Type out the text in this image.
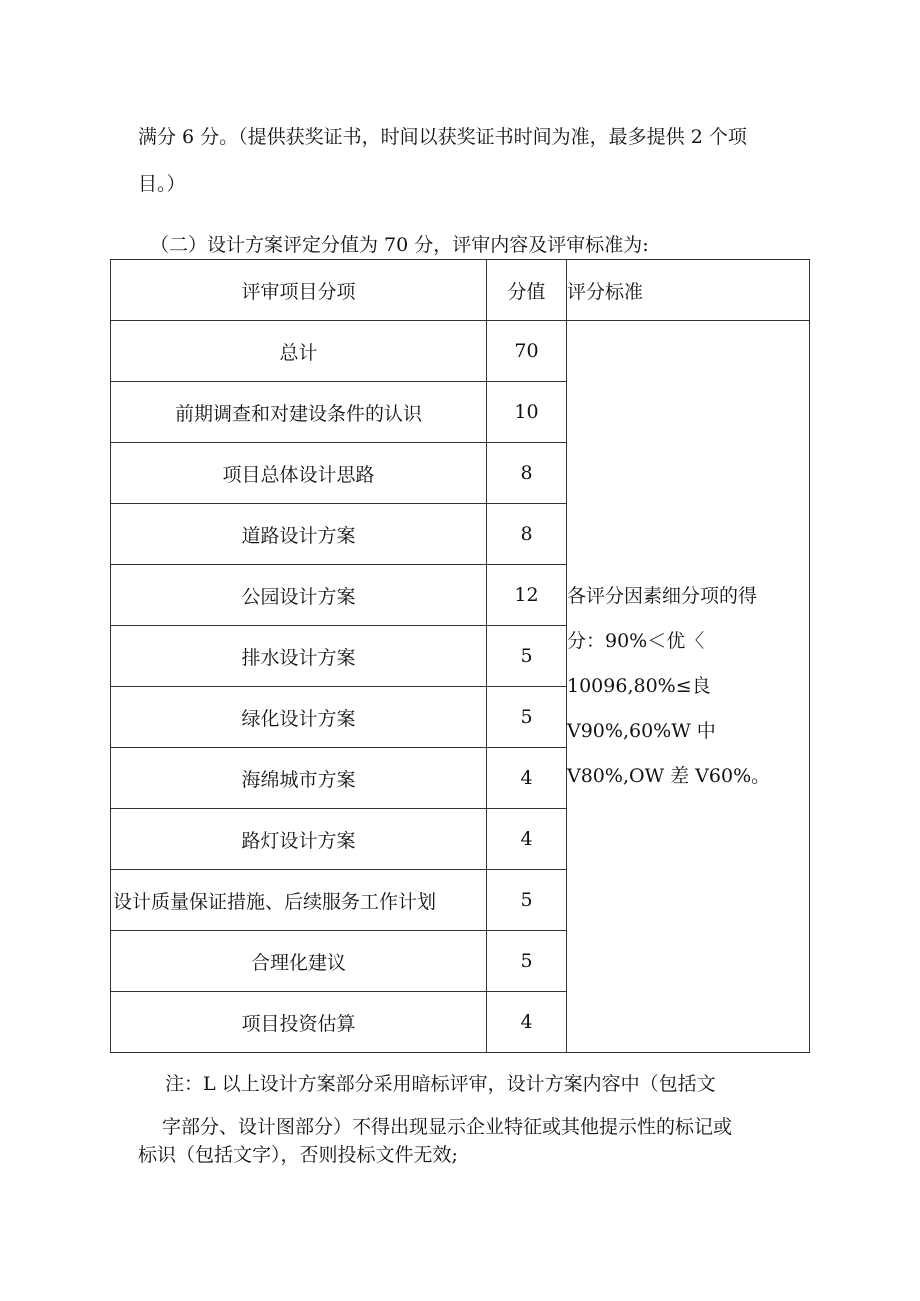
满分 6 分。（提供获奖证书，时间以获奖证书时间为准，最多提供 2 个项
目。）
（二）设计方案评定分值为 70 分，评审内容及评审标准为:
评审项目分项	分值	评分标准
总计	70	各评分因素细分项的得
分：90%＜优〈
10096,80%≤良
V90%,60%W 中
V80%,OW 差 V60%。

前期调查和对建设条件的认识	10	
项目总体设计思路	8	
道路设计方案	8	
公园设计方案	12	
排水设计方案	5	
绿化设计方案	5	
海绵城市方案	4	
路灯设计方案	4	
设计质量保证措施、后续服务工作计划	5	
合理化建议	5	
项目投资估算	4	
注：L 以上设计方案部分采用暗标评审，设计方案内容中（包括文
字部分、设计图部分）不得出现显示企业特征或其他提示性的标记或
标识（包括文字），否则投标文件无效;
